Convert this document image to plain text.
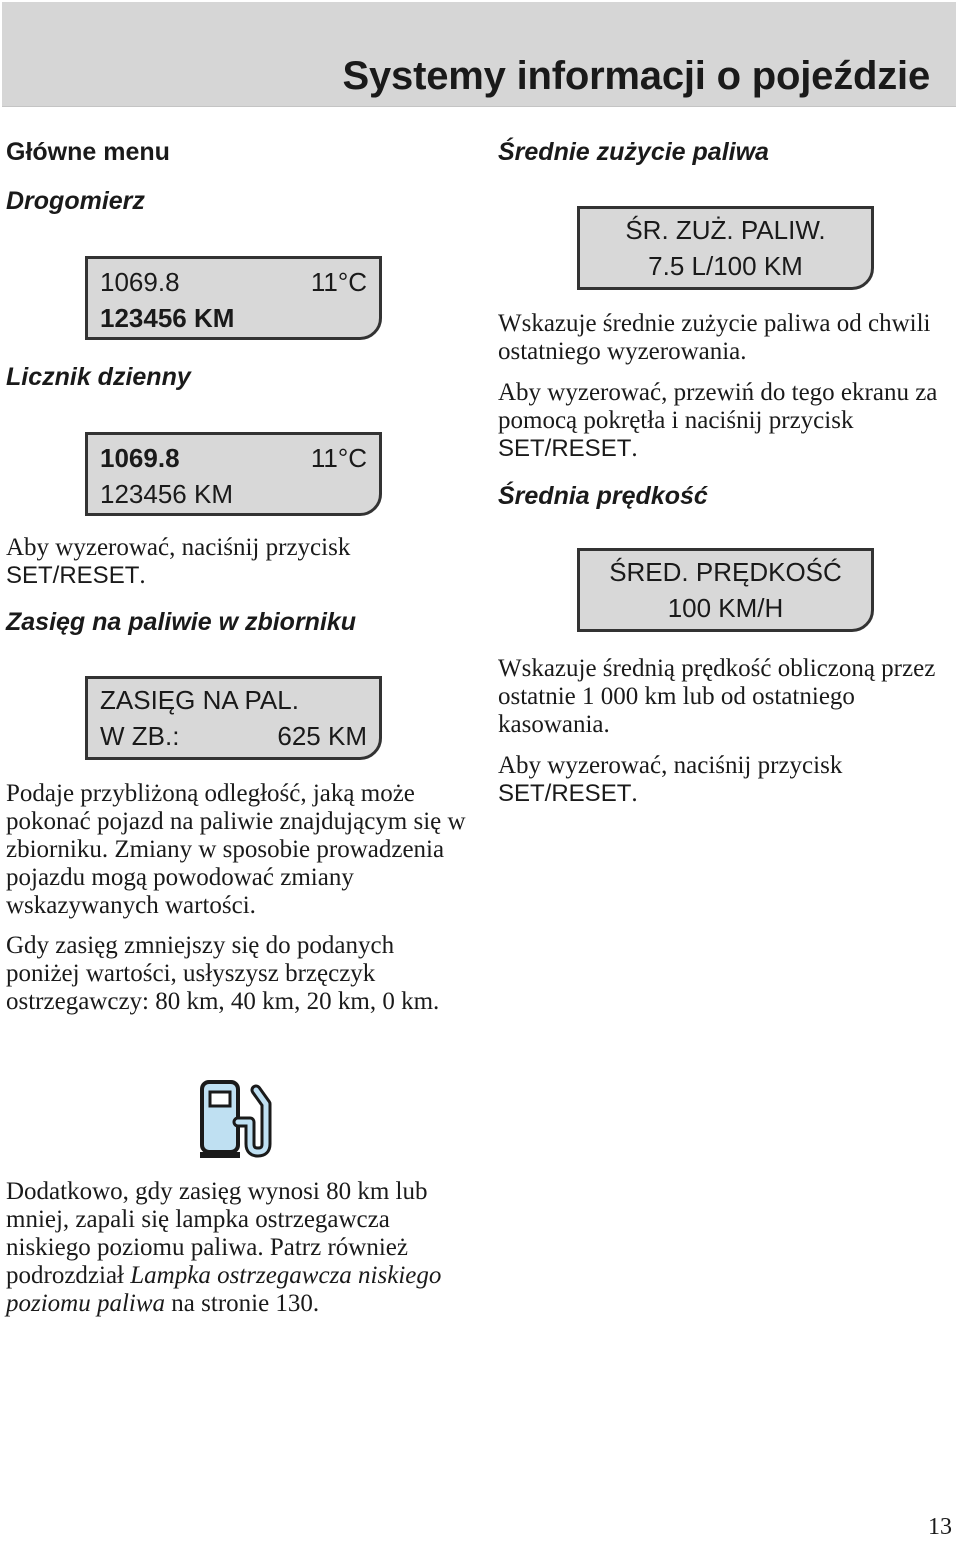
Systemy informacji o pojeździe
Główne menu
Drogomierz
1069.8	11°C
123456 KM
Licznik dzienny
1069.8	11°C
123456 KM

Aby wyzerować, naciśnij przycisk
SET/RESET.

Zasięg na paliwie w zbiorniku
ZASIĘG NA PAL.
W ZB.:	625 KM

Podaje przybliżoną odległość, jaką może pokonać pojazd na paliwie znajdującym się w zbiorniku. Zmiany w sposobie prowadzenia pojazdu mogą powodować zmiany wskazywanych wartości.

Gdy zasięg zmniejszy się do podanych poniżej wartości, usłyszysz brzęczyk ostrzegawczy: 80 km, 40 km, 20 km, 0 km.

Dodatkowo, gdy zasięg wynosi 80 km lub mniej, zapali się lampka ostrzegawcza niskiego poziomu paliwa. Patrz również podrozdział Lampka ostrzegawcza niskiego poziomu paliwa na stronie 130.

Średnie zużycie paliwa
ŚR. ZUŻ. PALIW.
7.5 L/100 KM

Wskazuje średnie zużycie paliwa od chwili ostatniego wyzerowania.

Aby wyzerować, przewiń do tego ekranu za pomocą pokrętła i naciśnij przycisk
SET/RESET.

Średnia prędkość
ŚRED. PRĘDKOŚĆ
100 KM/H

Wskazuje średnią prędkość obliczoną przez ostatnie 1 000 km lub od ostatniego kasowania.

Aby wyzerować, naciśnij przycisk
SET/RESET.

13
